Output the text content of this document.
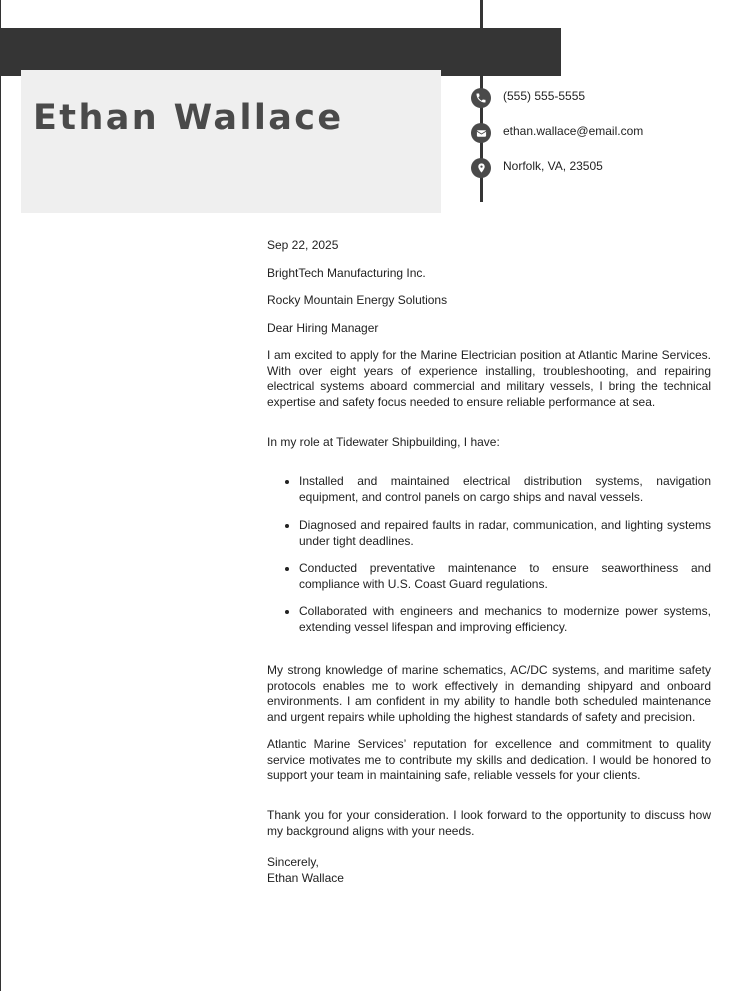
Ethan Wallace
(555) 555-5555
ethan.wallace@email.com
Norfolk, VA, 23505
Sep 22, 2025
BrightTech Manufacturing Inc.
Rocky Mountain Energy Solutions
Dear Hiring Manager

I am excited to apply for the Marine Electrician position at Atlantic Marine Services. With over eight years of experience installing, troubleshooting, and repairing electrical systems aboard commercial and military vessels, I bring the technical expertise and safety focus needed to ensure reliable performance at sea.

In my role at Tidewater Shipbuilding, I have:
• Installed and maintained electrical distribution systems, navigation equipment, and control panels on cargo ships and naval vessels.
• Diagnosed and repaired faults in radar, communication, and lighting systems under tight deadlines.
• Conducted preventative maintenance to ensure seaworthiness and compliance with U.S. Coast Guard regulations.
• Collaborated with engineers and mechanics to modernize power systems, extending vessel lifespan and improving efficiency.

My strong knowledge of marine schematics, AC/DC systems, and maritime safety protocols enables me to work effectively in demanding shipyard and onboard environments. I am confident in my ability to handle both scheduled maintenance and urgent repairs while upholding the highest standards of safety and precision.

Atlantic Marine Services’ reputation for excellence and commitment to quality service motivates me to contribute my skills and dedication. I would be honored to support your team in maintaining safe, reliable vessels for your clients.

Thank you for your consideration. I look forward to the opportunity to discuss how my background aligns with your needs.

Sincerely,
Ethan Wallace
